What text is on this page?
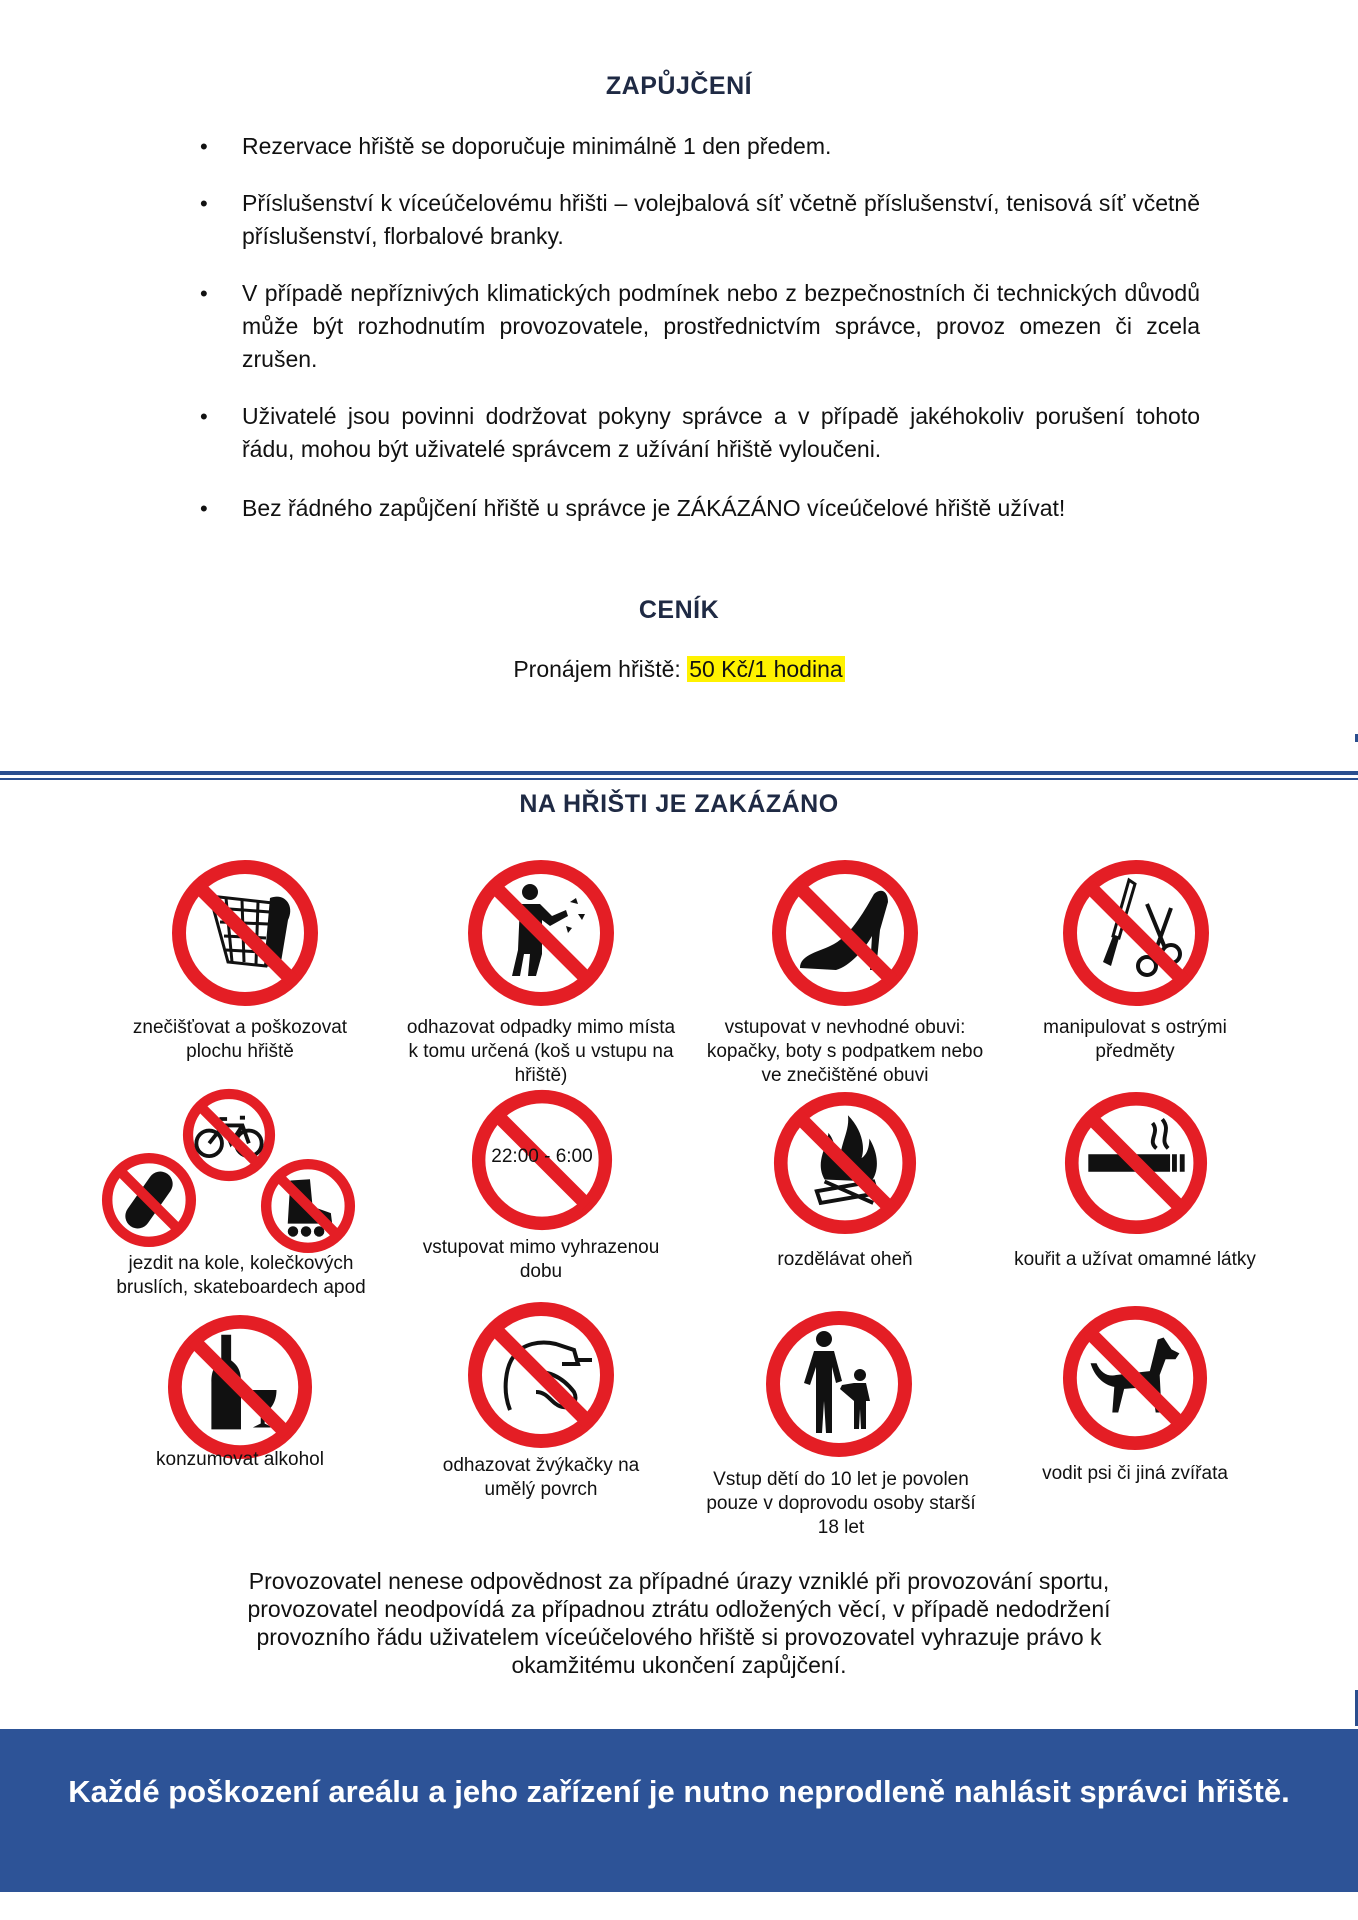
ZAPŮJČENÍ
• Rezervace hřiště se doporučuje minimálně 1 den předem.
• Příslušenství k víceúčelovému hřišti – volejbalová síť včetně příslušenství, tenisová síť včetně příslušenství, florbalové branky.
• V případě nepříznivých klimatických podmínek nebo z bezpečnostních či technických důvodů může být rozhodnutím provozovatele, prostřednictvím správce, provoz omezen či zcela zrušen.
• Uživatelé jsou povinni dodržovat pokyny správce a v případě jakéhokoliv porušení tohoto řádu, mohou být uživatelé správcem z užívání hřiště vyloučeni.
• Bez řádného zapůjčení hřiště u správce je ZÁKÁZÁNO víceúčelové hřiště užívat!
CENÍK
Pronájem hřiště: 50 Kč/1 hodina
NA HŘIŠTI JE ZAKÁZÁNO
znečišťovat a poškozovat plochu hřiště
odhazovat odpadky mimo místa k tomu určená (koš u vstupu na hřiště)
vstupovat v nevhodné obuvi: kopačky, boty s podpatkem nebo ve znečištěné obuvi
manipulovat s ostrými předměty
jezdit na kole, kolečkových bruslích, skateboardech apod
22:00 - 6:00
vstupovat mimo vyhrazenou dobu
rozdělávat oheň	kouřit a užívat omamné látky
konzumovat alkohol	odhazovat žvýkačky na umělý povrch	Vstup dětí do 10 let je povolen pouze v doprovodu osoby starší 18 let
vodit psi či jiná zvířata
Provozovatel nenese odpovědnost za případné úrazy vzniklé při provozování sportu, provozovatel neodpovídá za případnou ztrátu odložených věcí, v případě nedodržení provozního řádu uživatelem víceúčelového hřiště si provozovatel vyhrazuje právo k okamžitému ukončení zapůjčení.
Každé poškození areálu a jeho zařízení je nutno neprodleně nahlásit správci hřiště.
